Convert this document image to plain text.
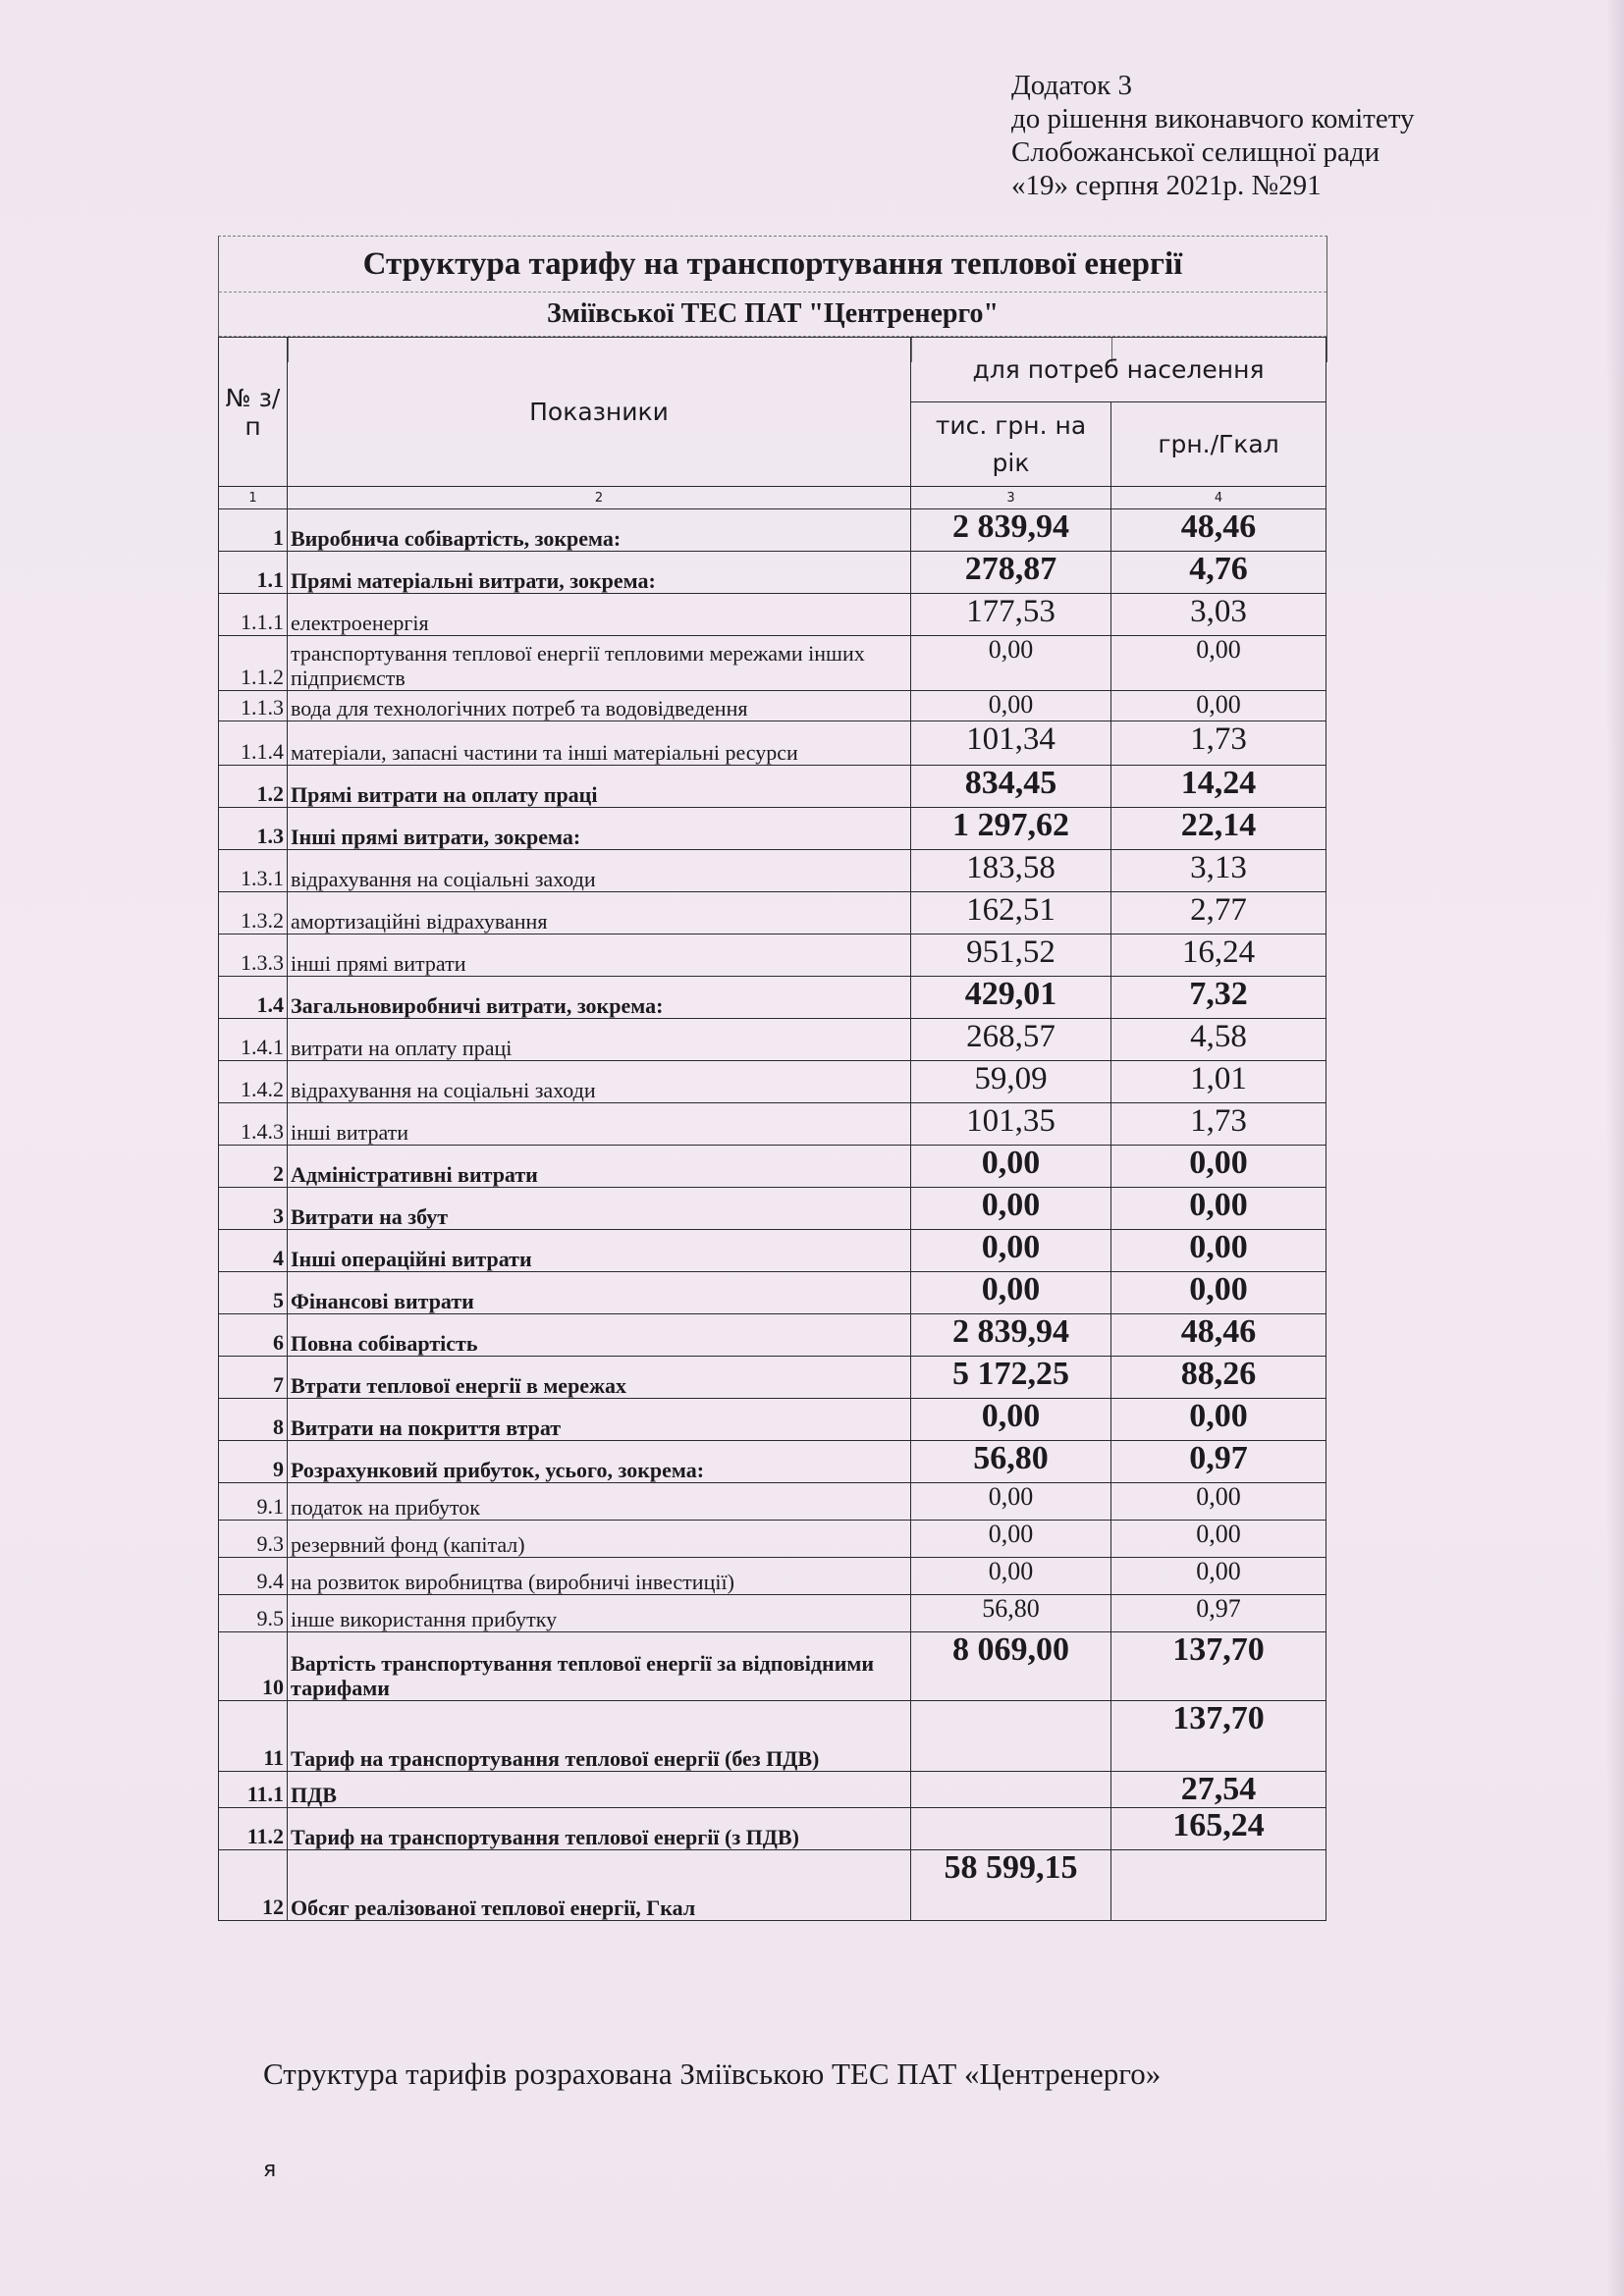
Додаток 3
до рішення виконавчого комітету
Слобожанської селищної ради
«19» серпня 2021р. №291
Структура тарифу на транспортування теплової енергії
Зміївської ТЕС ПАТ "Центренерго"
№ з/п	Показники	для потреб населення	
		тис. грн. на рік	грн./Гкал
1	2	3	4
1	Виробнича собівартість, зокрема:	2 839,94	48,46
1.1	Прямі матеріальні витрати, зокрема:	278,87	4,76
1.1.1	електроенергія	177,53	3,03
1.1.2	транспортування теплової енергії тепловими мережами інших підприємств	0,00	0,00
1.1.3	вода для технологічних потреб та водовідведення	0,00	0,00
1.1.4	матеріали, запасні частини та інші матеріальні ресурси	101,34	1,73
1.2	Прямі витрати на оплату праці	834,45	14,24
1.3	Інші прямі витрати, зокрема:	1 297,62	22,14
1.3.1	відрахування на соціальні заходи	183,58	3,13
1.3.2	амортизаційні відрахування	162,51	2,77
1.3.3	інші прямі витрати	951,52	16,24
1.4	Загальновиробничі витрати, зокрема:	429,01	7,32
1.4.1	витрати на оплату праці	268,57	4,58
1.4.2	відрахування на соціальні заходи	59,09	1,01
1.4.3	інші витрати	101,35	1,73
2	Адміністративні витрати	0,00	0,00
3	Витрати на збут	0,00	0,00
4	Інші операційні витрати	0,00	0,00
5	Фінансові витрати	0,00	0,00
6	Повна собівартість	2 839,94	48,46
7	Втрати теплової енергії в мережах	5 172,25	88,26
8	Витрати на покриття втрат	0,00	0,00
9	Розрахунковий прибуток, усього, зокрема:	56,80	0,97
9.1	податок на прибуток	0,00	0,00
9.3	резервний фонд (капітал)	0,00	0,00
9.4	на розвиток виробництва (виробничі інвестиції)	0,00	0,00
9.5	інше використання прибутку	56,80	0,97
10	Вартість транспортування теплової енергії за відповідними тарифами	8 069,00	137,70
11	Тариф на транспортування теплової енергії (без ПДВ)		137,70
11.1	ПДВ		27,54
11.2	Тариф на транспортування теплової енергії (з ПДВ)		165,24
12	Обсяг реалізованої теплової енергії, Гкал	58 599,15	
Структура тарифів розрахована Зміївською ТЕС ПАТ «Центренерго»
я
